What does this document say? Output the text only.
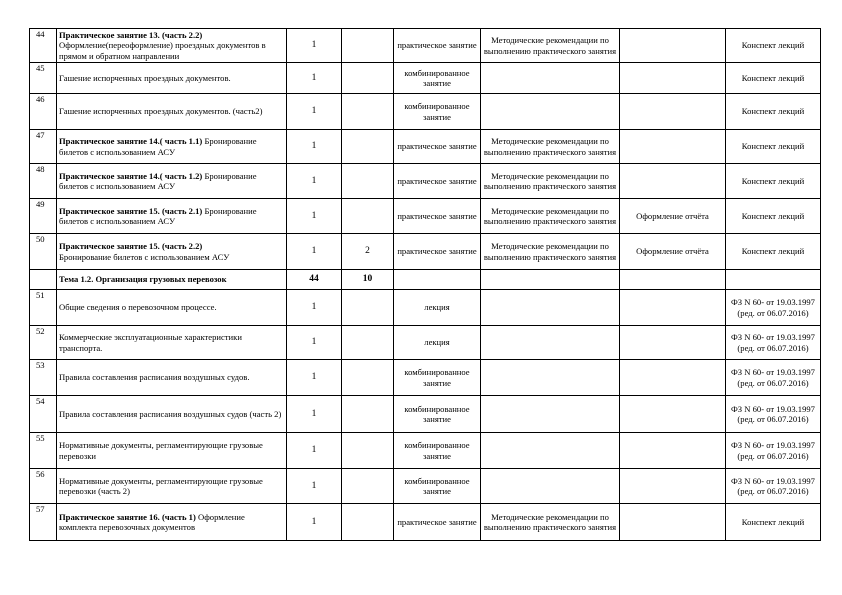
44	Практическое занятие 13. (часть 2.2)
Оформление(переоформление) проездных документов в прямом и обратном направлении	1		практическое занятие	Методические рекомендации по выполнению практического занятия		Конспект лекций
45	Гашение испорченных проездных документов.	1		комбинированное занятие			Конспект лекций
46	Гашение испорченных проездных документов. (часть2)	1		комбинированное занятие			Конспект лекций
47	Практическое занятие 14.( часть 1.1) Бронирование билетов с использованием АСУ	1		практическое занятие	Методические рекомендации по выполнению практического занятия		Конспект лекций
48	Практическое занятие 14.( часть 1.2) Бронирование билетов с использованием АСУ	1		практическое занятие	Методические рекомендации по выполнению практического занятия		Конспект лекций
49	Практическое занятие 15. (часть 2.1) Бронирование билетов с использованием АСУ	1		практическое занятие	Методические рекомендации по выполнению практического занятия	Оформление отчёта	Конспект лекций
50	Практическое занятие 15. (часть 2.2)
Бронирование билетов с использованием АСУ	1	2	практическое занятие	Методические рекомендации по выполнению практического занятия	Оформление отчёта	Конспект лекций
	Тема 1.2. Организация грузовых перевозок	44	10				
51	Общие сведения о перевозочном процессе.	1		лекция			ФЗ N 60- от 19.03.1997 (ред. от 06.07.2016)
52	Коммерческие эксплуатационные характеристики транспорта.	1		лекция			ФЗ N 60- от 19.03.1997 (ред. от 06.07.2016)
53	Правила составления расписания воздушных судов.	1		комбинированное занятие			ФЗ N 60- от 19.03.1997 (ред. от 06.07.2016)
54	Правила составления расписания воздушных судов (часть 2)	1		комбинированное занятие			ФЗ N 60- от 19.03.1997 (ред. от 06.07.2016)
55	Нормативные документы, регламентирующие грузовые перевозки	1		комбинированное занятие			ФЗ N 60- от 19.03.1997 (ред. от 06.07.2016)
56	Нормативные документы, регламентирующие грузовые перевозки (часть 2)	1		комбинированное занятие			ФЗ N 60- от 19.03.1997 (ред. от 06.07.2016)
57	Практическое занятие 16. (часть 1) Оформление комплекта перевозочных документов	1		практическое занятие	Методические рекомендации по выполнению практического занятия		Конспект лекций
